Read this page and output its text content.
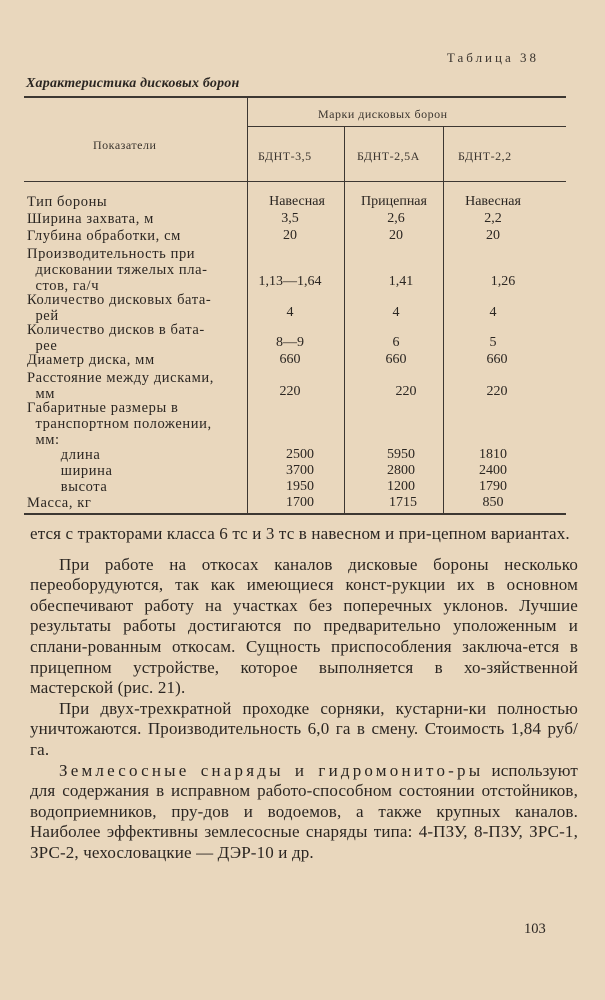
Таблица 38
Характеристика дисковых борон
Показатели
Марки дисковых борон
БДНТ-3,5	БДНТ-2,5А	БДНТ-2,2
Тип бороны
Ширина захвата, м
Глубина обработки, см
Производительность при
дисковании тяжелых пла-
стов, га/ч
Количество дисковых бата-
рей
Количество дисков в бата-
рее
Диаметр диска, мм
Расстояние между дисками,
мм
Габаритные размеры в
транспортном положении,
мм:
длина
ширина
высота
Масса, кг
Навесная
3,5
20
1,13—1,64
4
8—9
660
220
2500
3700
1950
1700
Прицепная
2,6
20
1,41
4
6
660
220
5950
2800
1200
1715
Навесная
2,2
20
1,26
4
5
660
220
1810
2400
1790
850

ется с тракторами класса 6 тс и 3 тс в навесном и при-цепном вариантах.

При работе на откосах каналов дисковые бороны несколько переоборудуются, так как имеющиеся конст-рукции их в основном обеспечивают работу на участках без поперечных уклонов. Лучшие результаты работы достигаются по предварительно уположенным и сплани-рованным откосам. Сущность приспособления заключа-ется в прицепном устройстве, которое выполняется в хо-зяйственной мастерской (рис. 21).

При двух-трехкратной проходке сорняки, кустарни-ки полностью уничтожаются. Производительность 6,0 га в смену. Стоимость 1,84 руб/га.

Землесосные снаряды и гидромонито-ры используют для содержания в исправном работо-способном состоянии отстойников, водоприемников, пру-дов и водоемов, а также крупных каналов. Наиболее эффективны землесосные снаряды типа: 4-ПЗУ, 8-ПЗУ, ЗРС-1, ЗРС-2, чехословацкие — ДЭР-10 и др.

103
